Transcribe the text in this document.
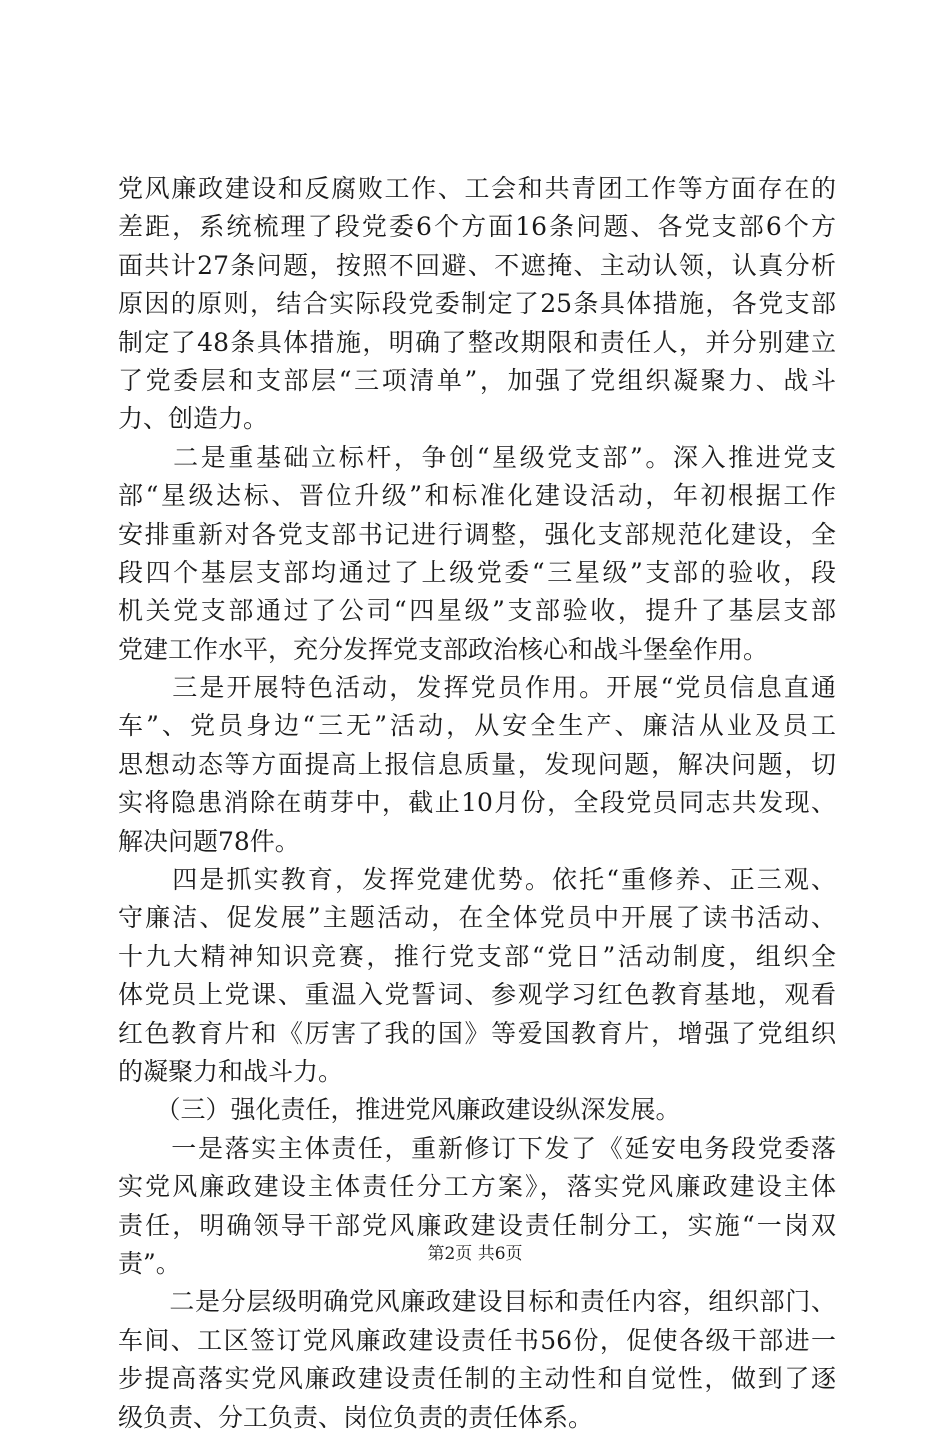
党风廉政建设和反腐败工作、工会和共青团工作等方面存在的
差距，系统梳理了段党委6个方面16条问题、各党支部6个方
面共计27条问题，按照不回避、不遮掩、主动认领，认真分析
原因的原则，结合实际段党委制定了25条具体措施，各党支部
制定了48条具体措施，明确了整改期限和责任人，并分别建立
了党委层和支部层“三项清单”，加强了党组织凝聚力、战斗
力、创造力。
　　二是重基础立标杆，争创“星级党支部”。深入推进党支
部“星级达标、晋位升级”和标准化建设活动，年初根据工作
安排重新对各党支部书记进行调整，强化支部规范化建设，全
段四个基层支部均通过了上级党委“三星级”支部的验收，段
机关党支部通过了公司“四星级”支部验收，提升了基层支部
党建工作水平，充分发挥党支部政治核心和战斗堡垒作用。
　　三是开展特色活动，发挥党员作用。开展“党员信息直通
车”、党员身边“三无”活动，从安全生产、廉洁从业及员工
思想动态等方面提高上报信息质量，发现问题，解决问题，切
实将隐患消除在萌芽中，截止10月份，全段党员同志共发现、
解决问题78件。
　　四是抓实教育，发挥党建优势。依托“重修养、正三观、
守廉洁、促发展”主题活动，在全体党员中开展了读书活动、
十九大精神知识竞赛，推行党支部“党日”活动制度，组织全
体党员上党课、重温入党誓词、参观学习红色教育基地，观看
红色教育片和《厉害了我的国》等爱国教育片，增强了党组织
的凝聚力和战斗力。
　　（三）强化责任，推进党风廉政建设纵深发展。
　　一是落实主体责任，重新修订下发了《延安电务段党委落
实党风廉政建设主体责任分工方案》，落实党风廉政建设主体
责任，明确领导干部党风廉政建设责任制分工，实施“一岗双
责”。
　　二是分层级明确党风廉政建设目标和责任内容，组织部门、
车间、工区签订党风廉政建设责任书56份，促使各级干部进一
步提高落实党风廉政建设责任制的主动性和自觉性，做到了逐
级负责、分工负责、岗位负责的责任体系。
第2页 共6页
